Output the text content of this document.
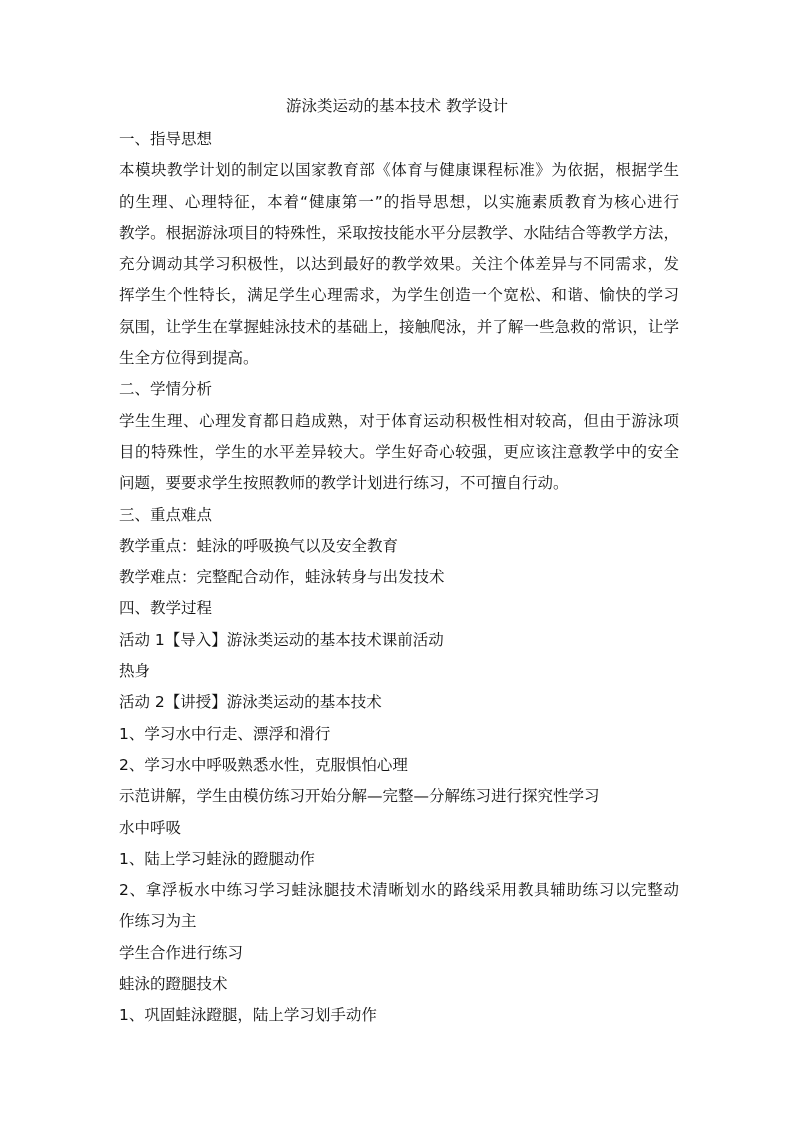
游泳类运动的基本技术 教学设计
一、指导思想
本模块教学计划的制定以国家教育部《体育与健康课程标准》为依据，根据学生
的生理、心理特征，本着“健康第一”的指导思想，以实施素质教育为核心进行
教学。根据游泳项目的特殊性，采取按技能水平分层教学、水陆结合等教学方法，
充分调动其学习积极性，以达到最好的教学效果。关注个体差异与不同需求，发
挥学生个性特长，满足学生心理需求，为学生创造一个宽松、和谐、愉快的学习
氛围，让学生在掌握蛙泳技术的基础上，接触爬泳，并了解一些急救的常识，让学
生全方位得到提高。
二、学情分析
学生生理、心理发育都日趋成熟，对于体育运动积极性相对较高，但由于游泳项
目的特殊性，学生的水平差异较大。学生好奇心较强，更应该注意教学中的安全
问题，要要求学生按照教师的教学计划进行练习，不可擅自行动。
三、重点难点
教学重点：蛙泳的呼吸换气以及安全教育
教学难点：完整配合动作，蛙泳转身与出发技术
四、教学过程
活动 1【导入】游泳类运动的基本技术课前活动
热身
活动 2【讲授】游泳类运动的基本技术
1、学习水中行走、漂浮和滑行
2、学习水中呼吸熟悉水性，克服惧怕心理
示范讲解，学生由模仿练习开始分解—完整—分解练习进行探究性学习
水中呼吸
1、陆上学习蛙泳的蹬腿动作
2、拿浮板水中练习学习蛙泳腿技术清晰划水的路线采用教具辅助练习以完整动
作练习为主
学生合作进行练习
蛙泳的蹬腿技术
1、巩固蛙泳蹬腿，陆上学习划手动作
